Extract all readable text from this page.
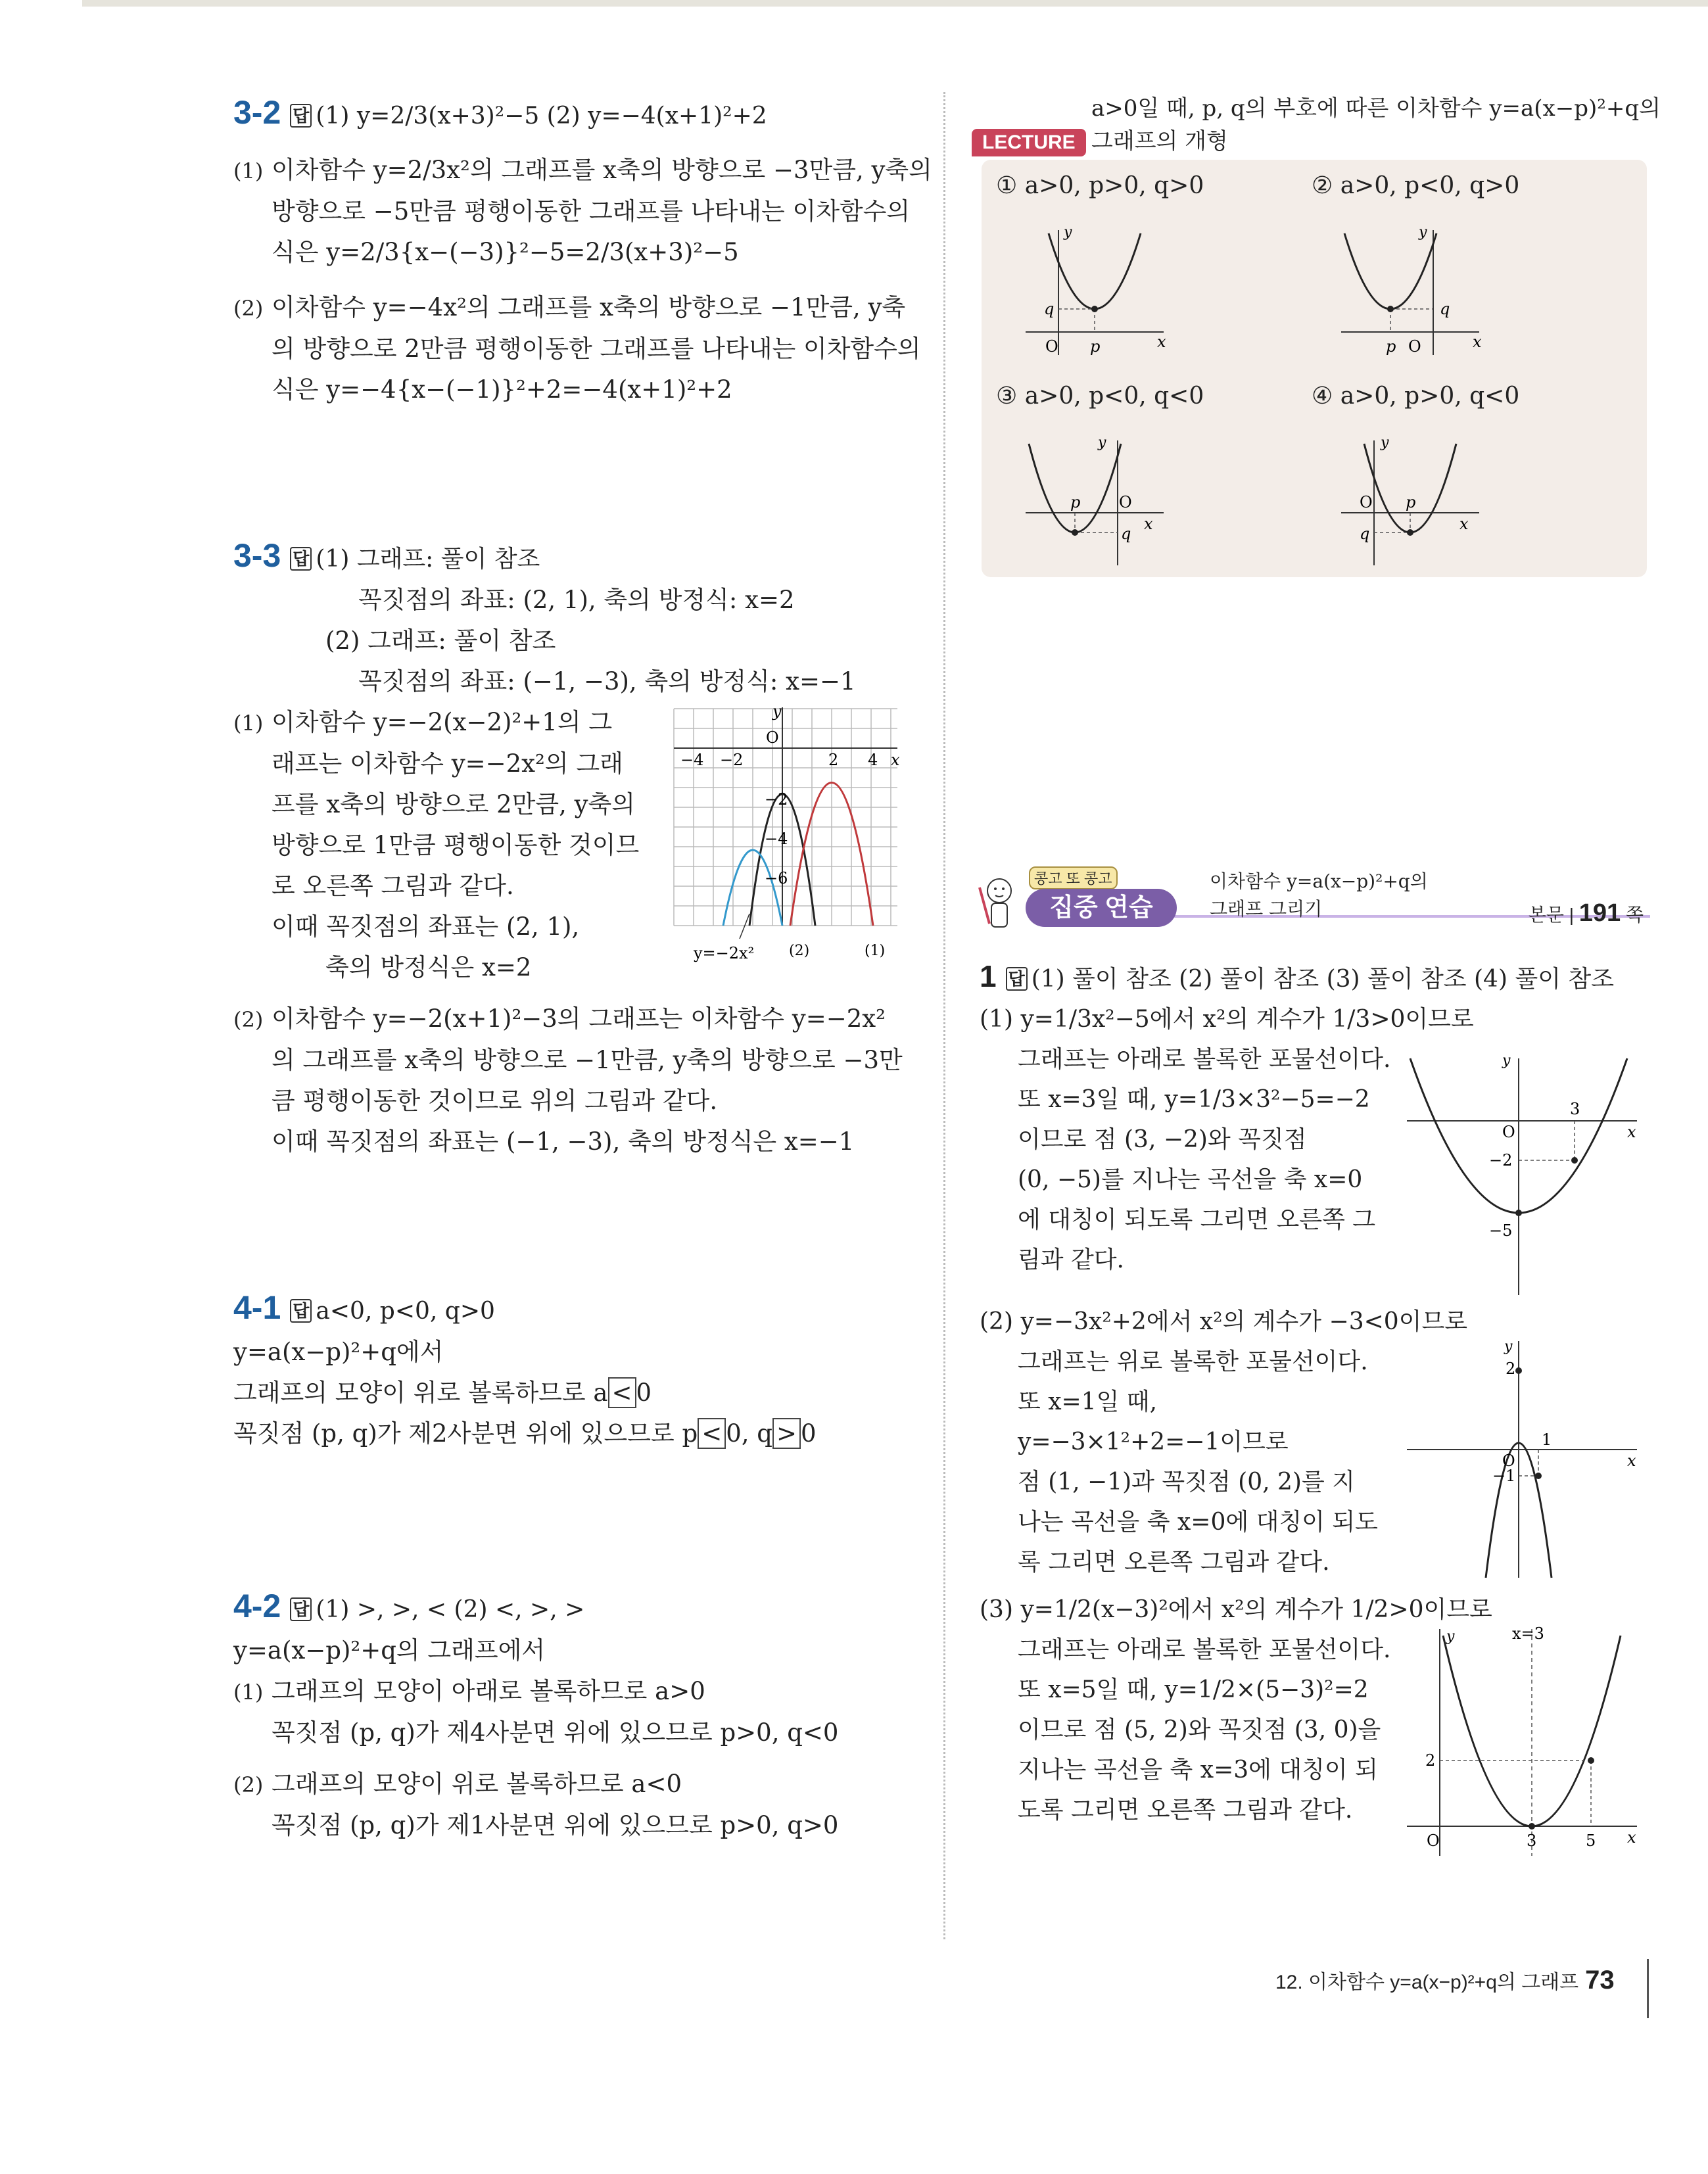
3-2 답 (1) y=2/3(x+3)²−5 (2) y=−4(x+1)²+2
(1) 이차함수 y=2/3x²의 그래프를 x축의 방향으로 −3만큼, y축의
방향으로 −5만큼 평행이동한 그래프를 나타내는 이차함수의
식은 y=2/3{x−(−3)}²−5=2/3(x+3)²−5
(2) 이차함수 y=−4x²의 그래프를 x축의 방향으로 −1만큼, y축
의 방향으로 2만큼 평행이동한 그래프를 나타내는 이차함수의
식은 y=−4{x−(−1)}²+2=−4(x+1)²+2
3-3 답 (1) 그래프: 풀이 참조
꼭짓점의 좌표: (2, 1), 축의 방정식: x=2
(2) 그래프: 풀이 참조
꼭짓점의 좌표: (−1, −3), 축의 방정식: x=−1
(1) 이차함수 y=−2(x−2)²+1의 그
래프는 이차함수 y=−2x²의 그래
프를 x축의 방향으로 2만큼, y축의
방향으로 1만큼 평행이동한 것이므
로 오른쪽 그림과 같다.
이때 꼭짓점의 좌표는 (2, 1),
축의 방정식은 x=2
y
x
O
−4 −2	2 4
−2
−4
−6
y=−2x² (2)	(1)
(2) 이차함수 y=−2(x+1)²−3의 그래프는 이차함수 y=−2x²
의 그래프를 x축의 방향으로 −1만큼, y축의 방향으로 −3만
큼 평행이동한 것이므로 위의 그림과 같다.
이때 꼭짓점의 좌표는 (−1, −3), 축의 방정식은 x=−1
4-1 답 a<0, p<0, q>0
y=a(x−p)²+q에서
그래프의 모양이 위로 볼록하므로 a < 0
꼭짓점 (p, q)가 제2사분면 위에 있으므로 p < 0, q > 0
4-2 답 (1) >, >, < (2) <, >, >
y=a(x−p)²+q의 그래프에서
(1) 그래프의 모양이 아래로 볼록하므로 a>0
꼭짓점 (p, q)가 제4사분면 위에 있으므로 p>0, q<0
(2) 그래프의 모양이 위로 볼록하므로 a<0
꼭짓점 (p, q)가 제1사분면 위에 있으므로 p>0, q>0
a>0일 때, p, q의 부호에 따른 이차함수 y=a(x−p)²+q의
그래프의 개형
LECTURE
① a>0, p>0, q>0	② a>0, p<0, q>0
③ a>0, p<0, q<0	④ a>0, p>0, q<0
y
x
O p
q
y
x
O
p
q
y
x
O
p
q
y
x
O p
q
콩고 또 콩고
집중 연습
이차함수 y=a(x−p)²+q의
그래프 그리기	본문 | 191 쪽
1 답 (1) 풀이 참조 (2) 풀이 참조 (3) 풀이 참조 (4) 풀이 참조
(1) y=1/3x²−5에서 x²의 계수가 1/3>0이므로
그래프는 아래로 볼록한 포물선이다.
또 x=3일 때, y=1/3×3²−5=−2
이므로 점 (3, −2)와 꼭짓점
(0, −5)를 지나는 곡선을 축 x=0
에 대칭이 되도록 그리면 오른쪽 그
림과 같다.
y
x
O
3
−2
−5
(2) y=−3x²+2에서 x²의 계수가 −3<0이므로
그래프는 위로 볼록한 포물선이다.
또 x=1일 때,
y=−3×1²+2=−1이므로
점 (1, −1)과 꼭짓점 (0, 2)를 지
나는 곡선을 축 x=0에 대칭이 되도
록 그리면 오른쪽 그림과 같다.
y
x
O
2
1
−1
(3) y=1/2(x−3)²에서 x²의 계수가 1/2>0이므로
그래프는 아래로 볼록한 포물선이다.
또 x=5일 때, y=1/2×(5−3)²=2
이므로 점 (5, 2)와 꼭짓점 (3, 0)을
지나는 곡선을 축 x=3에 대칭이 되
도록 그리면 오른쪽 그림과 같다.
y
x
O
2
3	5
x=3
12. 이차함수 y=a(x−p)²+q의 그래프 73
